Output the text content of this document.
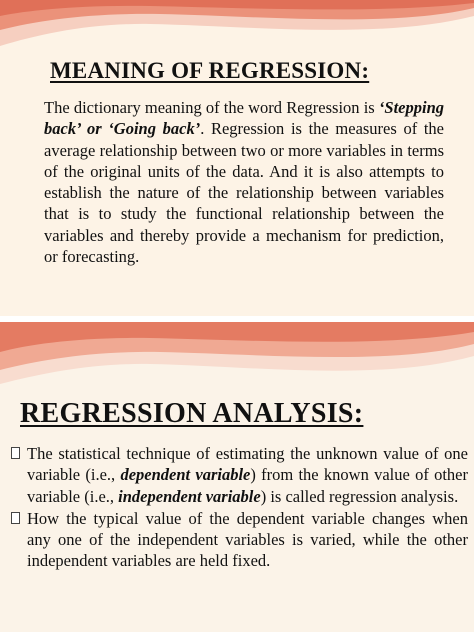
MEANING OF REGRESSION:

The dictionary meaning of the word Regression is ‘Stepping back’ or ‘Going back’. Regression is the measures of the average relationship between two or more variables in terms of the original units of the data. And it is also attempts to establish the nature of the relationship between variables that is to study the functional relationship between the variables and thereby provide a mechanism for prediction, or forecasting.

REGRESSION ANALYSIS:
The statistical technique of estimating the unknown value of one variable (i.e., dependent variable) from the known value of other variable (i.e., independent variable) is called regression analysis.
How the typical value of the dependent variable changes when any one of the independent variables is varied, while the other independent variables are held fixed.
